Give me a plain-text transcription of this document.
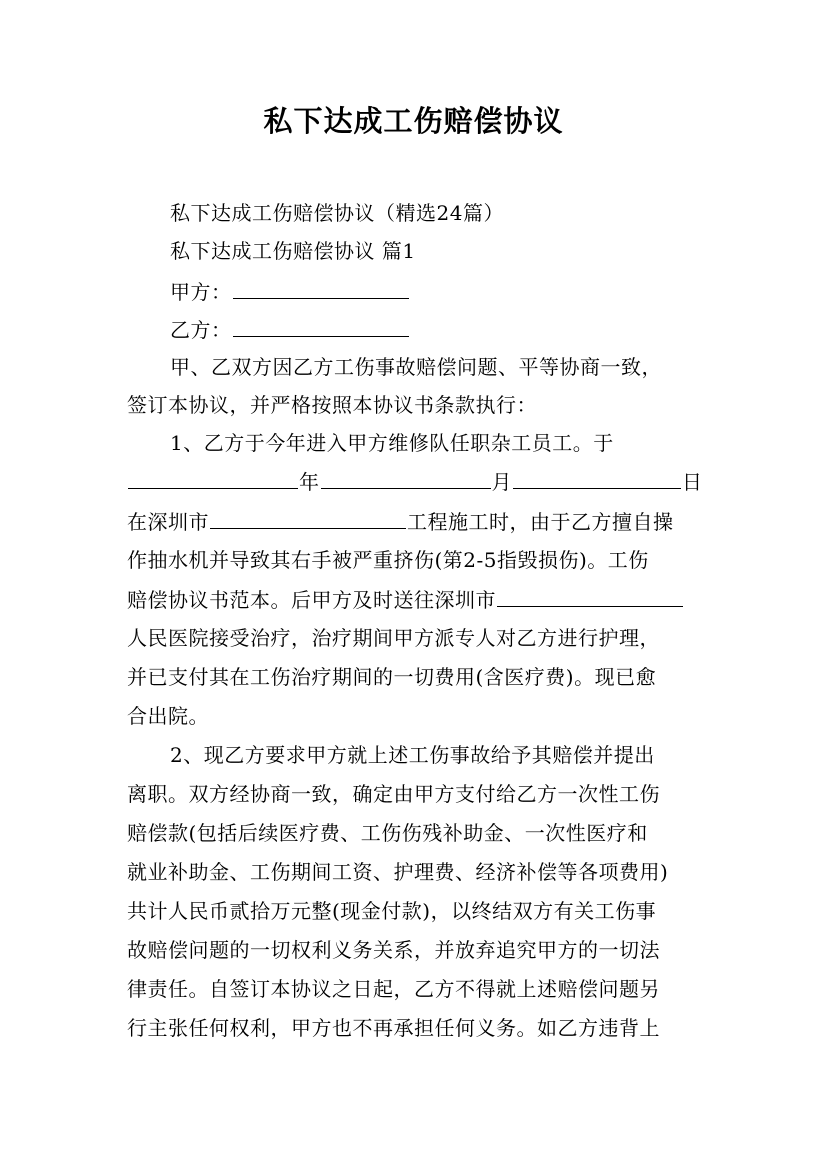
私下达成工伤赔偿协议
私下达成工伤赔偿协议（精选24篇）
私下达成工伤赔偿协议 篇1
甲方：
乙方：
甲、乙双方因乙方工伤事故赔偿问题、平等协商一致，
签订本协议，并严格按照本协议书条款执行：
1、乙方于今年进入甲方维修队任职杂工员工。于
年	月	日
在深圳市	工程施工时，由于乙方擅自操
作抽水机并导致其右手被严重挤伤(第2-5指毁损伤)。工伤
赔偿协议书范本。后甲方及时送往深圳市
人民医院接受治疗，治疗期间甲方派专人对乙方进行护理，
并已支付其在工伤治疗期间的一切费用(含医疗费)。现已愈
合出院。
2、现乙方要求甲方就上述工伤事故给予其赔偿并提出
离职。双方经协商一致，确定由甲方支付给乙方一次性工伤
赔偿款(包括后续医疗费、工伤伤残补助金、一次性医疗和
就业补助金、工伤期间工资、护理费、经济补偿等各项费用)
共计人民币贰拾万元整(现金付款)，以终结双方有关工伤事
故赔偿问题的一切权利义务关系，并放弃追究甲方的一切法
律责任。自签订本协议之日起，乙方不得就上述赔偿问题另
行主张任何权利，甲方也不再承担任何义务。如乙方违背上
